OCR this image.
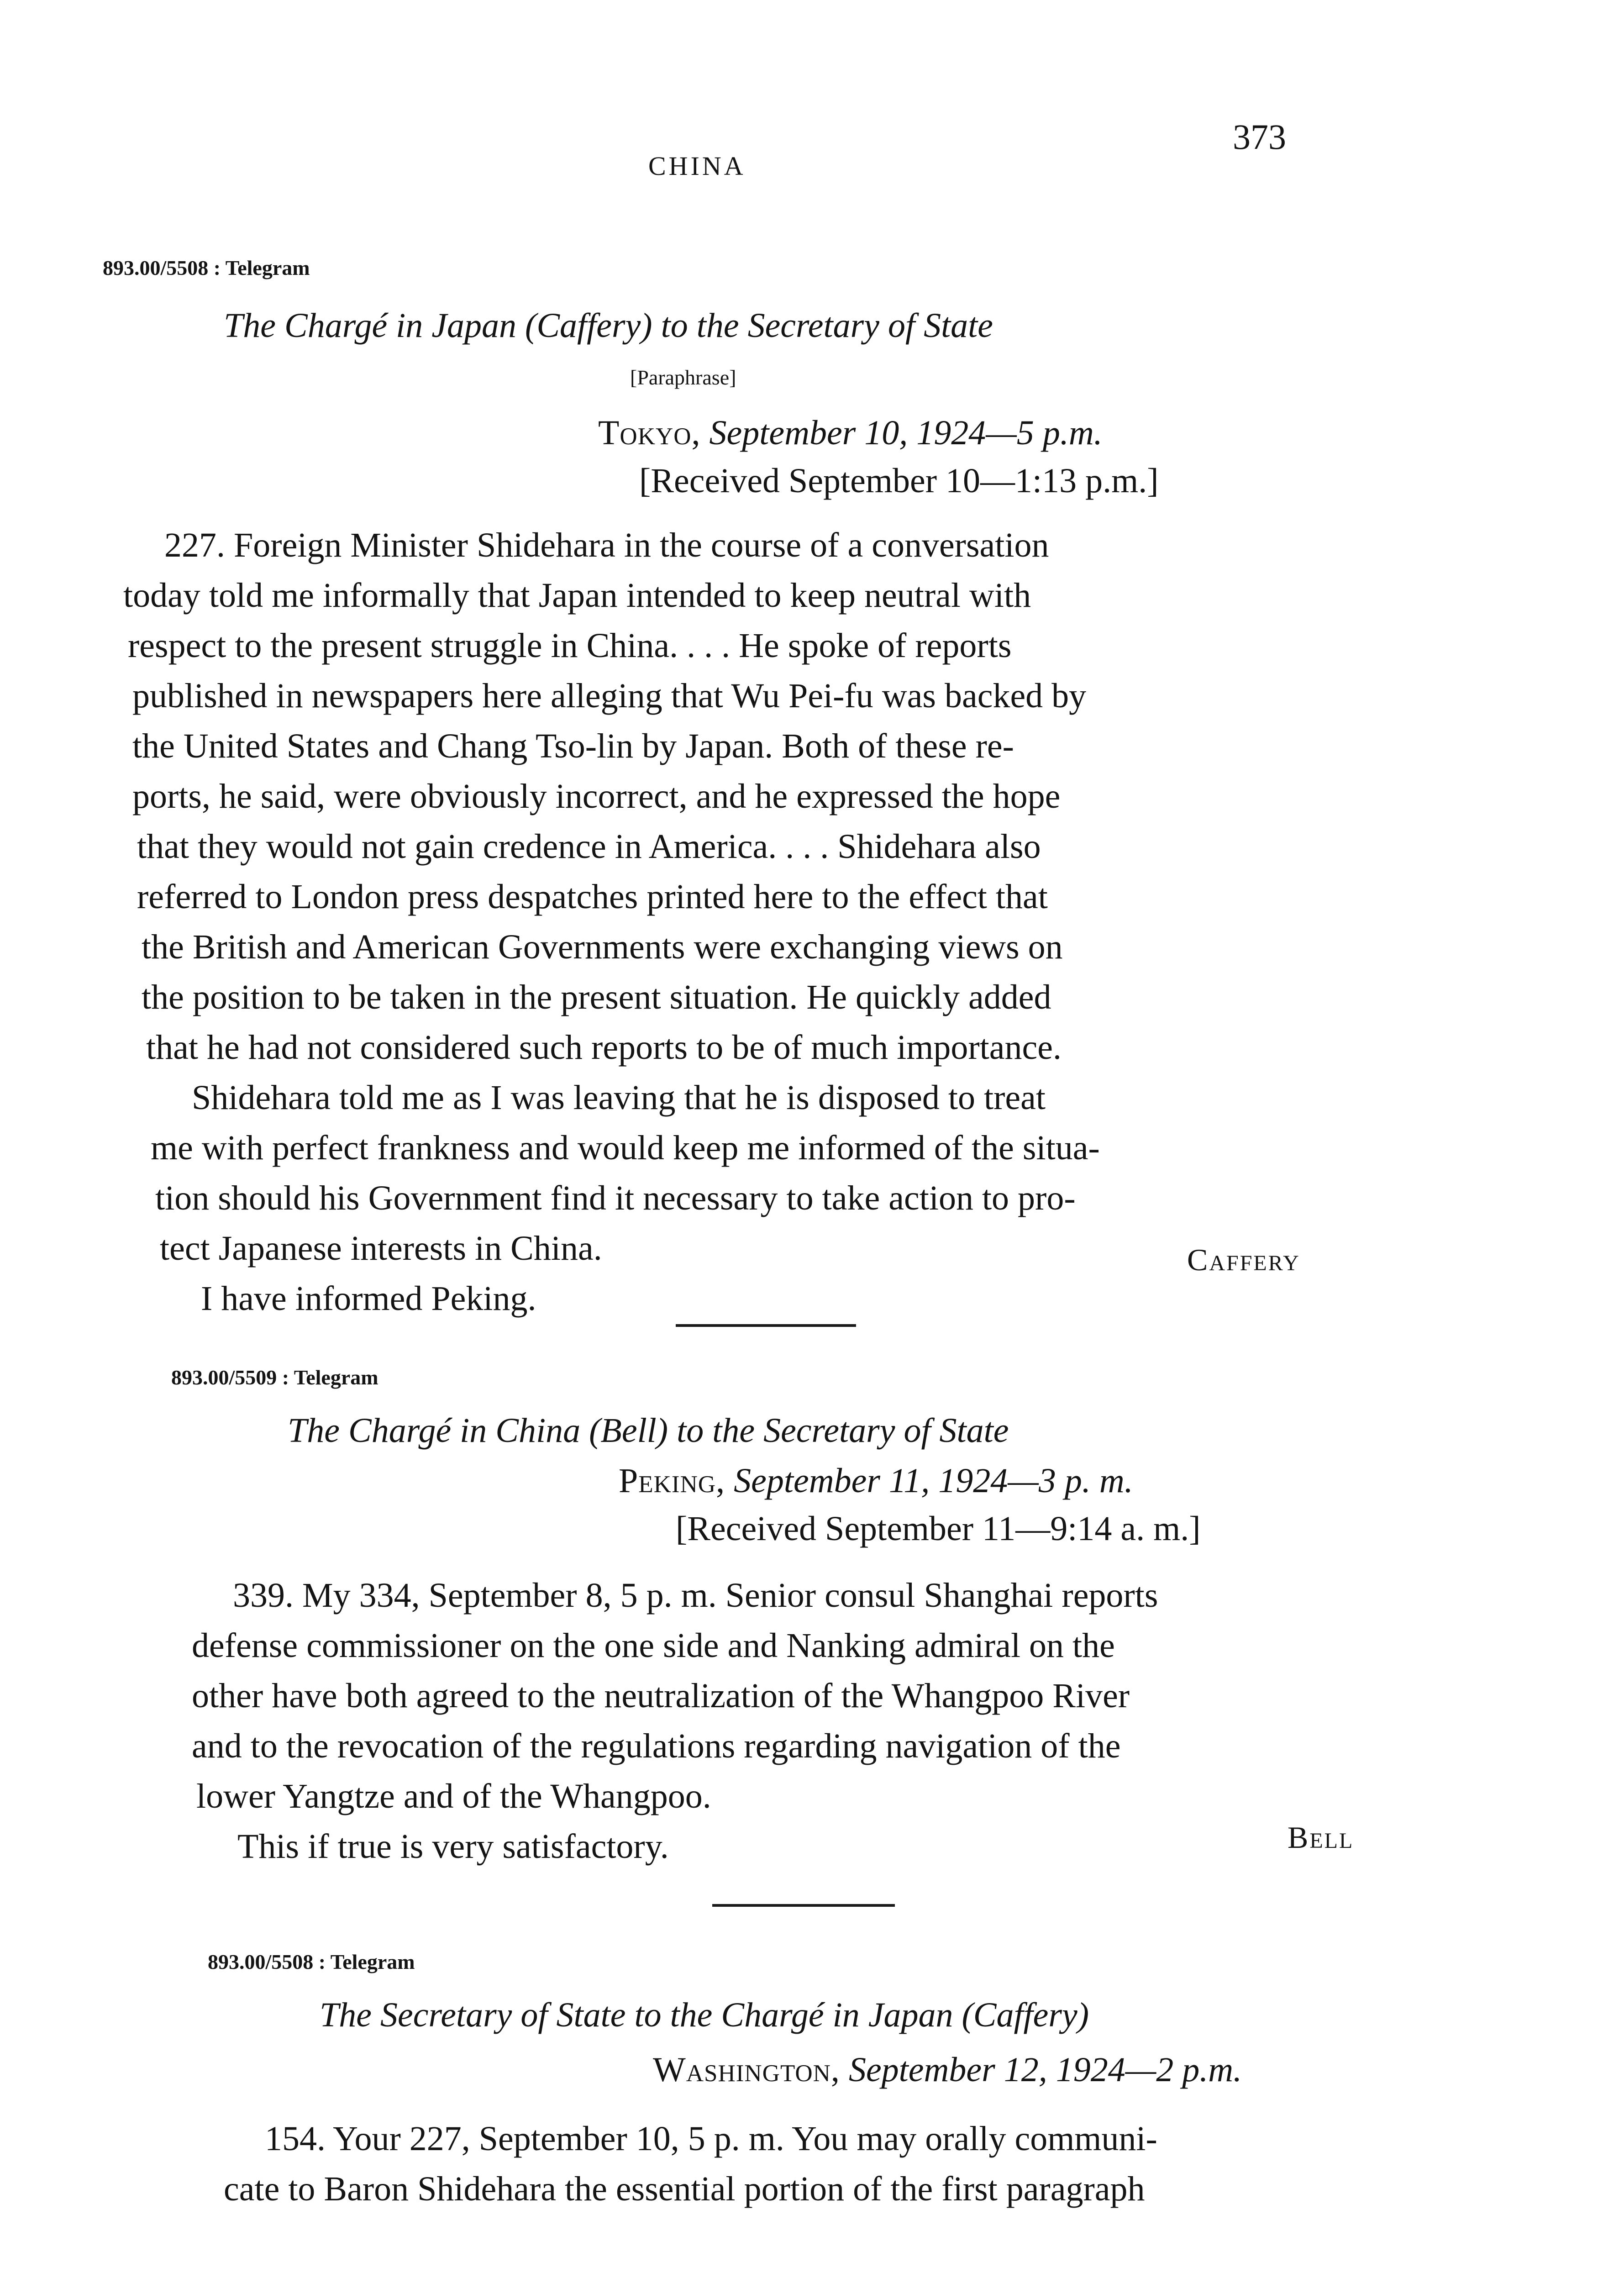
CHINA
373
893.00/5508 : Telegram
The Chargé in Japan (Caffery) to the Secretary of State
[Paraphrase]
Tokyo, September 10, 1924—5 p.m.
[Received September 10—1:13 p.m.]
227. Foreign Minister Shidehara in the course of a conversation
today told me informally that Japan intended to keep neutral with
respect to the present struggle in China. . . . He spoke of reports
published in newspapers here alleging that Wu Pei-fu was backed by
the United States and Chang Tso-lin by Japan. Both of these re-
ports, he said, were obviously incorrect, and he expressed the hope
that they would not gain credence in America. . . . Shidehara also
referred to London press despatches printed here to the effect that
the British and American Governments were exchanging views on
the position to be taken in the present situation. He quickly added
that he had not considered such reports to be of much importance.
Shidehara told me as I was leaving that he is disposed to treat
me with perfect frankness and would keep me informed of the situa-
tion should his Government find it necessary to take action to pro-
tect Japanese interests in China.
I have informed Peking.
Caffery
893.00/5509 : Telegram
The Chargé in China (Bell) to the Secretary of State
Peking, September 11, 1924—3 p. m.
[Received September 11—9:14 a. m.]
339. My 334, September 8, 5 p. m. Senior consul Shanghai reports
defense commissioner on the one side and Nanking admiral on the
other have both agreed to the neutralization of the Whangpoo River
and to the revocation of the regulations regarding navigation of the
lower Yangtze and of the Whangpoo.
This if true is very satisfactory.	Bell
893.00/5508 : Telegram
The Secretary of State to the Chargé in Japan (Caffery)
Washington, September 12, 1924—2 p.m.
154. Your 227, September 10, 5 p. m. You may orally communi-
cate to Baron Shidehara the essential portion of the first paragraph
